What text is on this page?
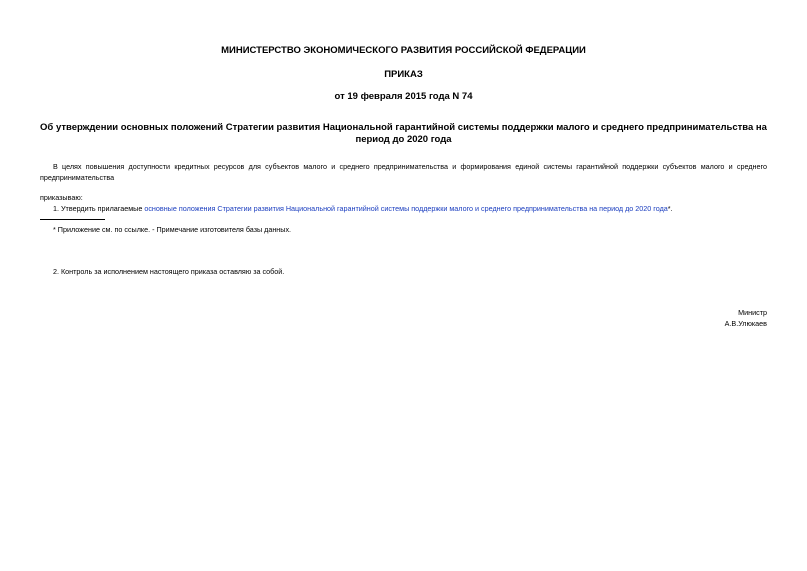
МИНИСТЕРСТВО ЭКОНОМИЧЕСКОГО РАЗВИТИЯ РОССИЙСКОЙ ФЕДЕРАЦИИ
ПРИКАЗ
от 19 февраля 2015 года N 74
Об утверждении основных положений Стратегии развития Национальной гарантийной системы поддержки малого и среднего предпринимательства на период до 2020 года
В целях повышения доступности кредитных ресурсов для субъектов малого и среднего предпринимательства и формирования единой системы гарантийной поддержки субъектов малого и среднего предпринимательства
приказываю:
1. Утвердить прилагаемые основные положения Стратегии развития Национальной гарантийной системы поддержки малого и среднего предпринимательства на период до 2020 года*.
* Приложение см. по ссылке. - Примечание изготовителя базы данных.
2. Контроль за исполнением настоящего приказа оставляю за собой.
Министр
А.В.Улюкаев
